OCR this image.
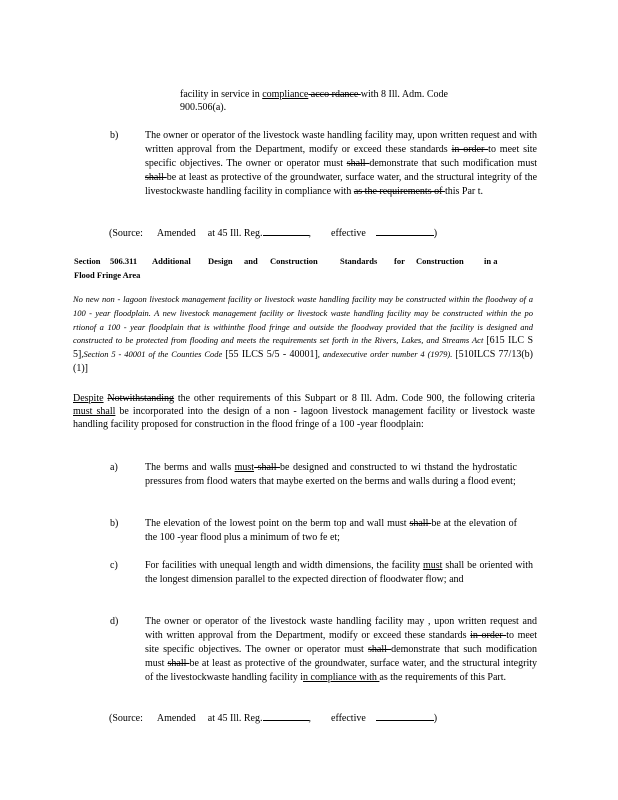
facility in service in compliance acco rdance with 8 Ill. Adm. Code
900.506(a).
b)	The owner or operator of the livestock waste handling facility may, upon written request and with written approval from the Department, modify or exceed these standards in order to meet site specific objectives. The owner or operator must shall demonstrate that such modification must shall be at least as protective of the groundwater, surface water, and the structural integrity of the livestockwaste handling facility in compliance with as the requirements of this Par t.
(Source: Amended at 45 Ill. Reg.	, effective	)
Section 506.311 Additional Design and Construction	Standards for Construction in a
Flood Fringe Area
No new non - lagoon livestock management facility or livestock waste handling facility may be constructed within the floodway of a 100 - year floodplain. A new livestock management facility or livestock waste handling facility may be constructed within the po rtionof a 100 - year floodplain that is withinthe flood fringe and outside the floodway provided that the facility is designed and constructed to be protected from flooding and meets the requirements set forth in the Rivers, Lakes, and Streams Act [615 ILC S 5],Section 5 - 40001 of the Counties Code [55 ILCS 5/5 - 40001], andexecutive order number 4 (1979). [510ILCS 77/13(b)(1)]
Despite Notwithstanding the other requirements of this Subpart or 8 Ill. Adm. Code 900, the following criteria must shall be incorporated into the design of a non - lagoon livestock management facility or livestock waste handling facility proposed for construction in the flood fringe of a 100 -year floodplain:
a)	The berms and walls must shall be designed and constructed to wi thstand the hydrostatic pressures from flood waters that maybe exerted on the berms and walls during a flood event;
b)	The elevation of the lowest point on the berm top and wall must shall be at the elevation of the 100 -year flood plus a minimum of two fe et;
c)	For facilities with unequal length and width dimensions, the facility must shall be oriented with the longest dimension parallel to the expected direction of floodwater flow; and
d)	The owner or operator of the livestock waste handling facility may , upon written request and with written approval from the Department, modify or exceed these standards in order to meet site specific objectives. The owner or operator must shall demonstrate that such modification must shall be at least as protective of the groundwater, surface water, and the structural integrity of the livestockwaste handling facility in compliance with as the requirements of this Part.
(Source: Amended at 45 Ill. Reg.	, effective	)
